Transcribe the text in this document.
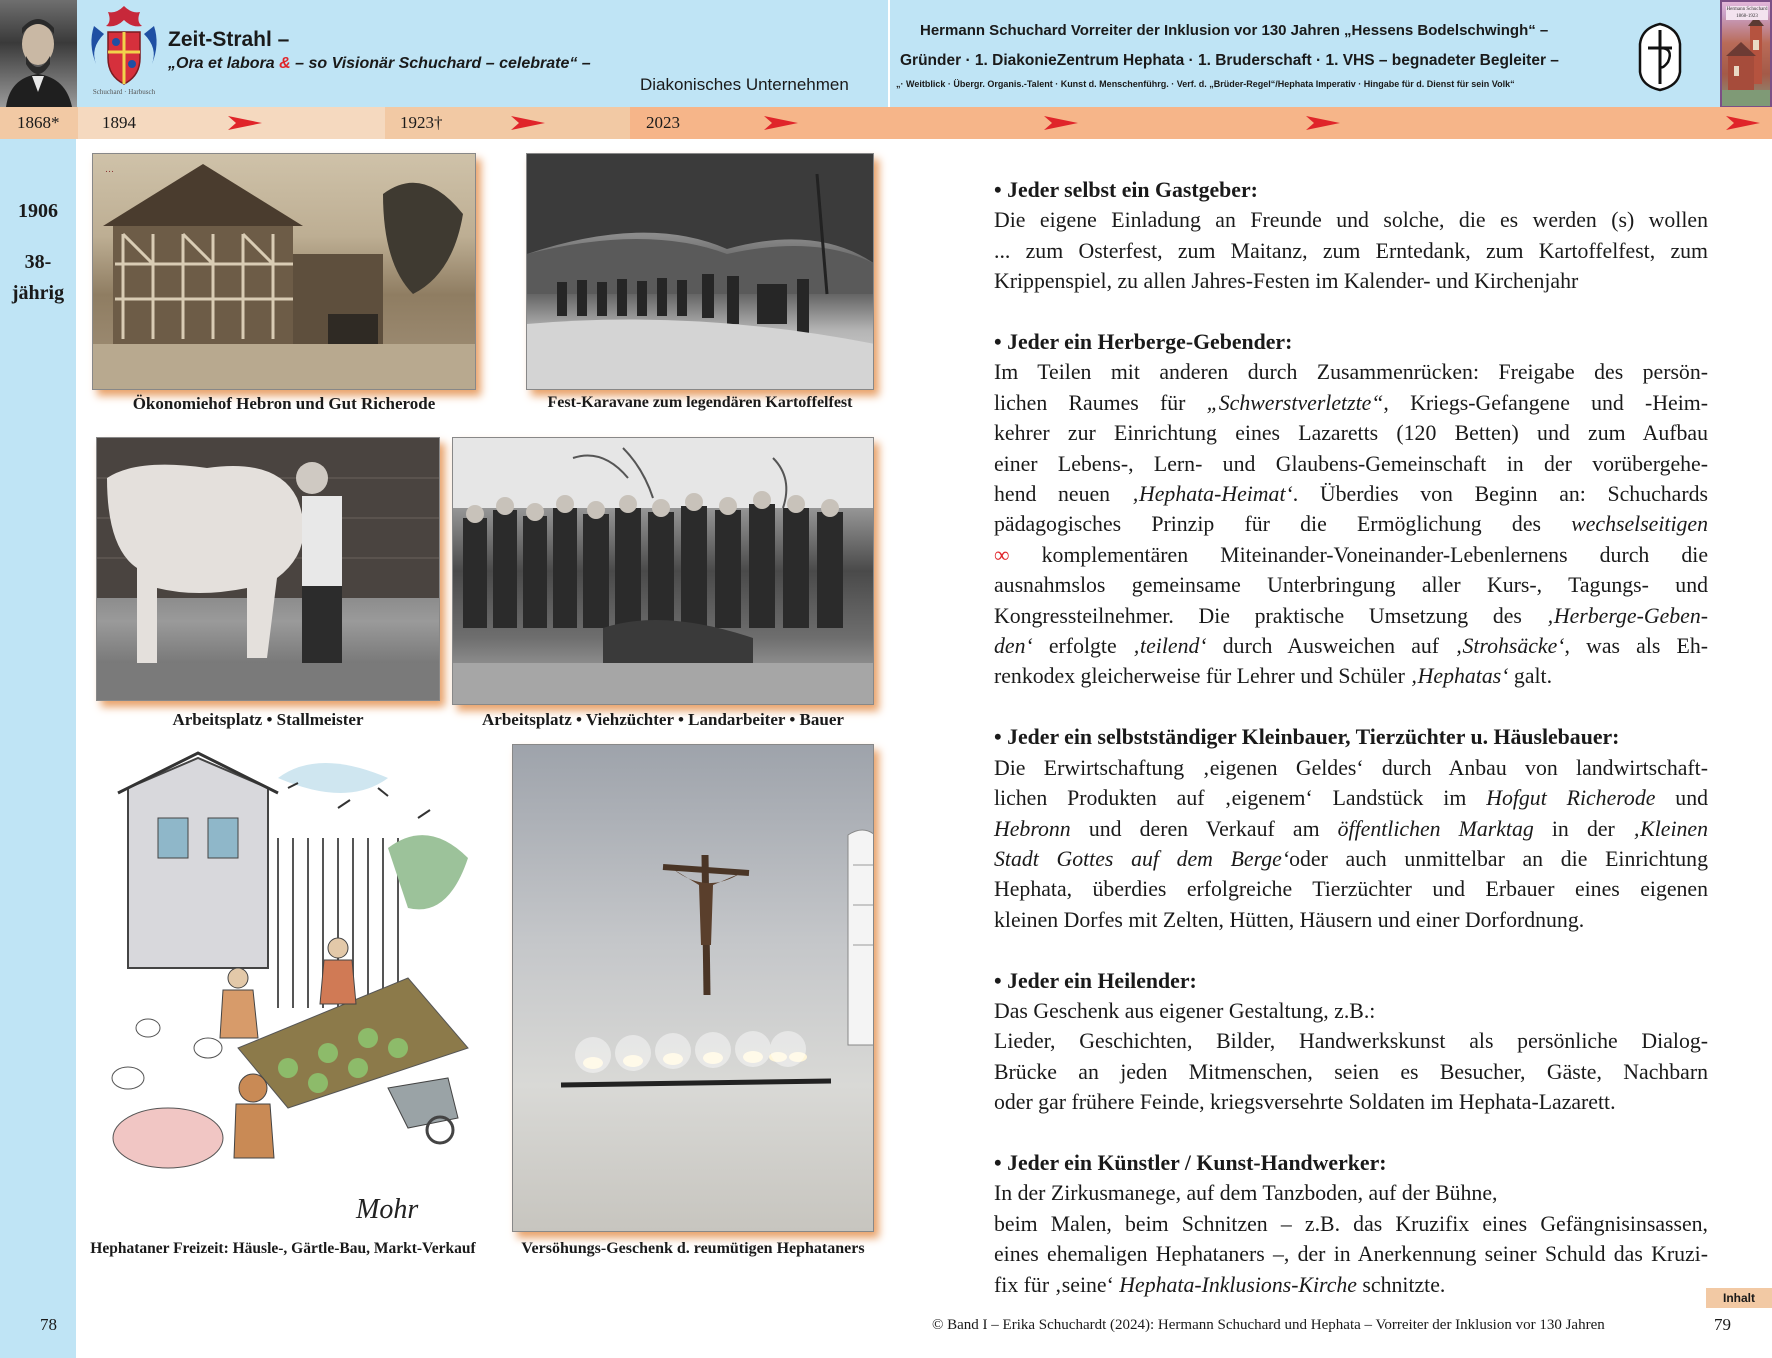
Schuchard · Harbusch
Zeit-Strahl –
„Ora et labora & – so Visionär Schuchard – celebrate“ –
Diakonisches Unternehmen
Hermann Schuchard Vorreiter der Inklusion vor 130 Jahren „Hessens Bodelschwingh“ –
Gründer · 1. DiakonieZentrum Hephata · 1. Bruderschaft · 1. VHS – begnadeter Begleiter –
„· Weitblick · Übergr. Organis.-Talent · Kunst d. Menschenführg. · Verf. d. „Brüder-Regel“/Hephata Imperativ · Hingabe für d. Dienst für sein Volk“
Hermann Schuchard 1868-1923
1868*	1894	1923†	2023
1906
38-
jährig
…
Ökonomiehof Hebron und Gut Richerode	Fest-Karavane zum legendären Kartoffelfest
Arbeitsplatz • Stallmeister	Arbeitsplatz • Viehzüchter • Landarbeiter • Bauer
Mohr
Hephataner Freizeit: Häusle-, Gärtle-Bau, Markt-Verkauf	Versöhungs-Geschenk d. reumütigen Hephataners
• Jeder selbst ein Gastgeber:
Die eigene Einladung an Freunde und solche, die es werden (s) wollen
... zum Osterfest, zum Maitanz, zum Erntedank, zum Kartoffelfest, zum
Krippenspiel, zu allen Jahres-Festen im Kalender- und Kirchenjahr
• Jeder ein Herberge-Gebender:
Im Teilen mit anderen durch Zusammenrücken: Freigabe des persön-
lichen Raumes für „Schwerstverletzte“, Kriegs-Gefangene und -Heim-
kehrer zur Einrichtung eines Lazaretts (120 Betten) und zum Aufbau
einer Lebens-, Lern- und Glaubens-Gemeinschaft in der vorübergehe-
hend neuen ‚Hephata-Heimat‘. Überdies von Beginn an: Schuchards
pädagogisches Prinzip für die Ermöglichung des wechselseitigen
∞ komplementären Miteinander-Voneinander-Lebenlernens durch die
ausnahmslos gemeinsame Unterbringung aller Kurs-, Tagungs- und
Kongressteilnehmer. Die praktische Umsetzung des ‚Herberge-Geben-
den‘ erfolgte ‚teilend‘ durch Ausweichen auf ‚Strohsäcke‘, was als Eh-
renkodex gleicherweise für Lehrer und Schüler ‚Hephatas‘ galt.
• Jeder ein selbstständiger Kleinbauer, Tierzüchter u. Häuslebauer:
Die Erwirtschaftung ‚eigenen Geldes‘ durch Anbau von landwirtschaft-
lichen Produkten auf ‚eigenem‘ Landstück im Hofgut Richerode und
Hebronn und deren Verkauf am öffentlichen Marktag in der ‚Kleinen
Stadt Gottes auf dem Berge‘oder auch unmittelbar an die Einrichtung
Hephata, überdies erfolgreiche Tierzüchter und Erbauer eines eigenen
kleinen Dorfes mit Zelten, Hütten, Häusern und einer Dorfordnung.
• Jeder ein Heilender:
Das Geschenk aus eigener Gestaltung, z.B.:
Lieder, Geschichten, Bilder, Handwerkskunst als persönliche Dialog-
Brücke an jeden Mitmenschen, seien es Besucher, Gäste, Nachbarn
oder gar frühere Feinde, kriegsversehrte Soldaten im Hephata-Lazarett.
• Jeder ein Künstler / Kunst-Handwerker:
In der Zirkusmanege, auf dem Tanzboden, auf der Bühne,
beim Malen, beim Schnitzen – z.B. das Kruzifix eines Gefängnisinsassen,
eines ehemaligen Hephataners –, der in Anerkennung seiner Schuld das Kruzi-
fix für ‚seine‘ Hephata-Inklusions-Kirche schnitzte.
Inhalt
78	© Band I – Erika Schuchardt (2024): Hermann Schuchard und Hephata – Vorreiter der Inklusion vor 130 Jahren	79
